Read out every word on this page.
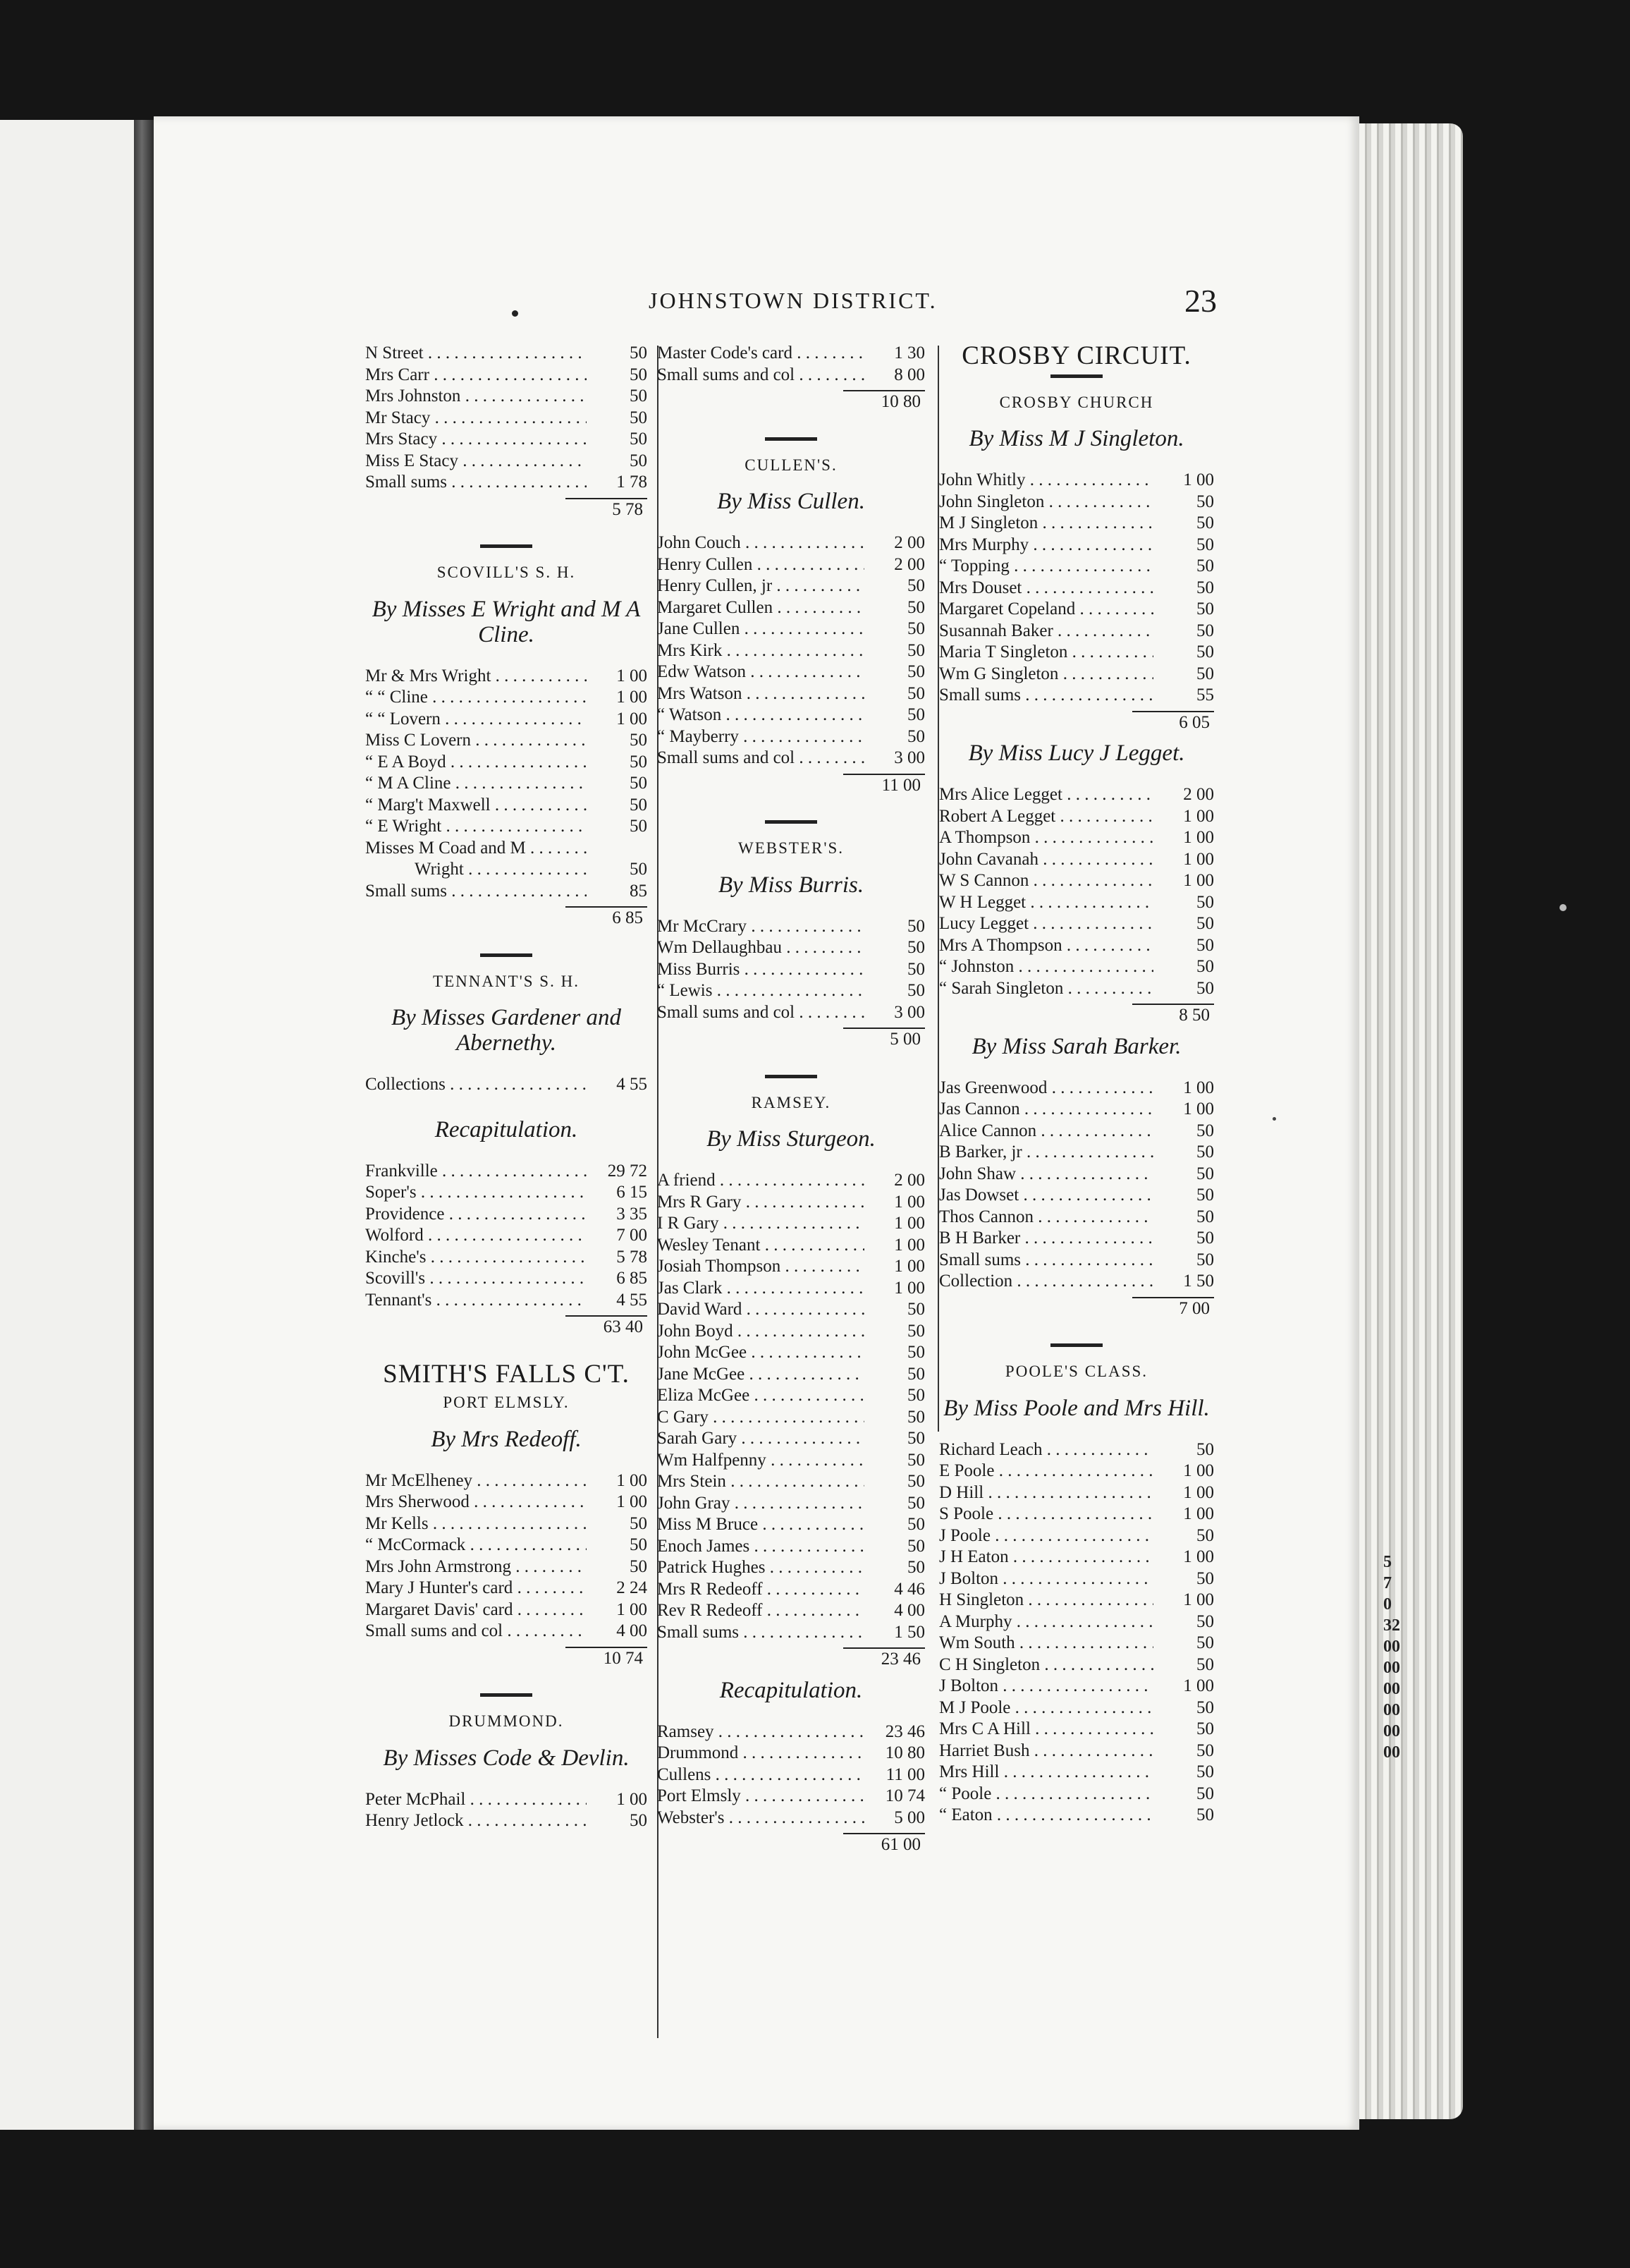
5
7
0
32
00
00
00
00
00
00
JOHNSTOWN DISTRICT.	23
N Street . . .	50
Mrs Carr . . .	50
Mrs Johnston . . .	50
Mr Stacy . . .	50
Mrs Stacy . . .	50
Miss E Stacy . . .	50
Small sums . . .	1 78
5 78
SCOVILL'S S. H.
By Misses E Wright and M A Cline.
Mr & Mrs Wright . . .	1 00
“ “ Cline . . .	1 00
“ “ Lovern . . .	1 00
Miss C Lovern . . .	50
“ E A Boyd . . .	50
“ M A Cline . . .	50
“ Marg't Maxwell . . .	50
“ E Wright . . .	50
Misses M Coad and M . . .
Wright . . .	50
Small sums . . .	85
6 85
TENNANT'S S. H.
By Misses Gardener and Abernethy.
Collections . . .	4 55
Recapitulation.
Frankville . . .	29 72
Soper's . . .	6 15
Providence . . .	3 35
Wolford . . .	7 00
Kinche's . . .	5 78
Scovill's . . .	6 85
Tennant's . . .	4 55
63 40
SMITH'S FALLS C'T.
PORT ELMSLY.
By Mrs Redeoff.
Mr McElheney . . .	1 00
Mrs Sherwood . . .	1 00
Mr Kells . . .	50
“ McCormack . . .	50
Mrs John Armstrong . . .	50
Mary J Hunter's card . . .	2 24
Margaret Davis' card . . .	1 00
Small sums and col . . .	4 00
10 74
DRUMMOND.
By Misses Code & Devlin.
Peter McPhail . . .	1 00
Henry Jetlock . . .	50
Master Code's card . . .	1 30
Small sums and col . . .	8 00
10 80
CULLEN'S.
By Miss Cullen.
John Couch . . .	2 00
Henry Cullen . . .	2 00
Henry Cullen, jr . . .	50
Margaret Cullen . . .	50
Jane Cullen . . .	50
Mrs Kirk . . .	50
Edw Watson . . .	50
Mrs Watson . . .	50
“ Watson . . .	50
“ Mayberry . . .	50
Small sums and col . . .	3 00
11 00
WEBSTER'S.
By Miss Burris.
Mr McCrary . . .	50
Wm Dellaughbau . . .	50
Miss Burris . . .	50
“ Lewis . . .	50
Small sums and col . . .	3 00
5 00
RAMSEY.
By Miss Sturgeon.
A friend . . .	2 00
Mrs R Gary . . .	1 00
I R Gary . . .	1 00
Wesley Tenant . . .	1 00
Josiah Thompson . . .	1 00
Jas Clark . . .	1 00
David Ward . . .	50
John Boyd . . .	50
John McGee . . .	50
Jane McGee . . .	50
Eliza McGee . . .	50
C Gary . . .	50
Sarah Gary . . .	50
Wm Halfpenny . . .	50
Mrs Stein . . .	50
John Gray . . .	50
Miss M Bruce . . .	50
Enoch James . . .	50
Patrick Hughes . . .	50
Mrs R Redeoff . . .	4 46
Rev R Redeoff . . .	4 00
Small sums . . .	1 50
23 46
Recapitulation.
Ramsey . . .	23 46
Drummond . . .	10 80
Cullens . . .	11 00
Port Elmsly . . .	10 74
Webster's . . .	5 00
61 00
CROSBY CIRCUIT.
CROSBY CHURCH
By Miss M J Singleton.
John Whitly . . .	1 00
John Singleton . . .	50
M J Singleton . . .	50
Mrs Murphy . . .	50
“ Topping . . .	50
Mrs Douset . . .	50
Margaret Copeland . . .	50
Susannah Baker . . .	50
Maria T Singleton . . .	50
Wm G Singleton . . .	50
Small sums . . .	55
6 05
By Miss Lucy J Legget.
Mrs Alice Legget . . .	2 00
Robert A Legget . . .	1 00
A Thompson . . .	1 00
John Cavanah . . .	1 00
W S Cannon . . .	1 00
W H Legget . . .	50
Lucy Legget . . .	50
Mrs A Thompson . . .	50
“ Johnston . . .	50
“ Sarah Singleton . . .	50
8 50
By Miss Sarah Barker.
Jas Greenwood . . .	1 00
Jas Cannon . . .	1 00
Alice Cannon . . .	50
B Barker, jr . . .	50
John Shaw . . .	50
Jas Dowset . . .	50
Thos Cannon . . .	50
B H Barker . . .	50
Small sums . . .	50
Collection . . .	1 50
7 00
POOLE'S CLASS.
By Miss Poole and Mrs Hill.
Richard Leach . . .	50
E Poole . . .	1 00
D Hill . . .	1 00
S Poole . . .	1 00
J Poole . . .	50
J H Eaton . . .	1 00
J Bolton . . .	50
H Singleton . . .	1 00
A Murphy . . .	50
Wm South . . .	50
C H Singleton . . .	50
J Bolton . . .	1 00
M J Poole . . .	50
Mrs C A Hill . . .	50
Harriet Bush . . .	50
Mrs Hill . . .	50
“ Poole . . .	50
“ Eaton . . .	50
